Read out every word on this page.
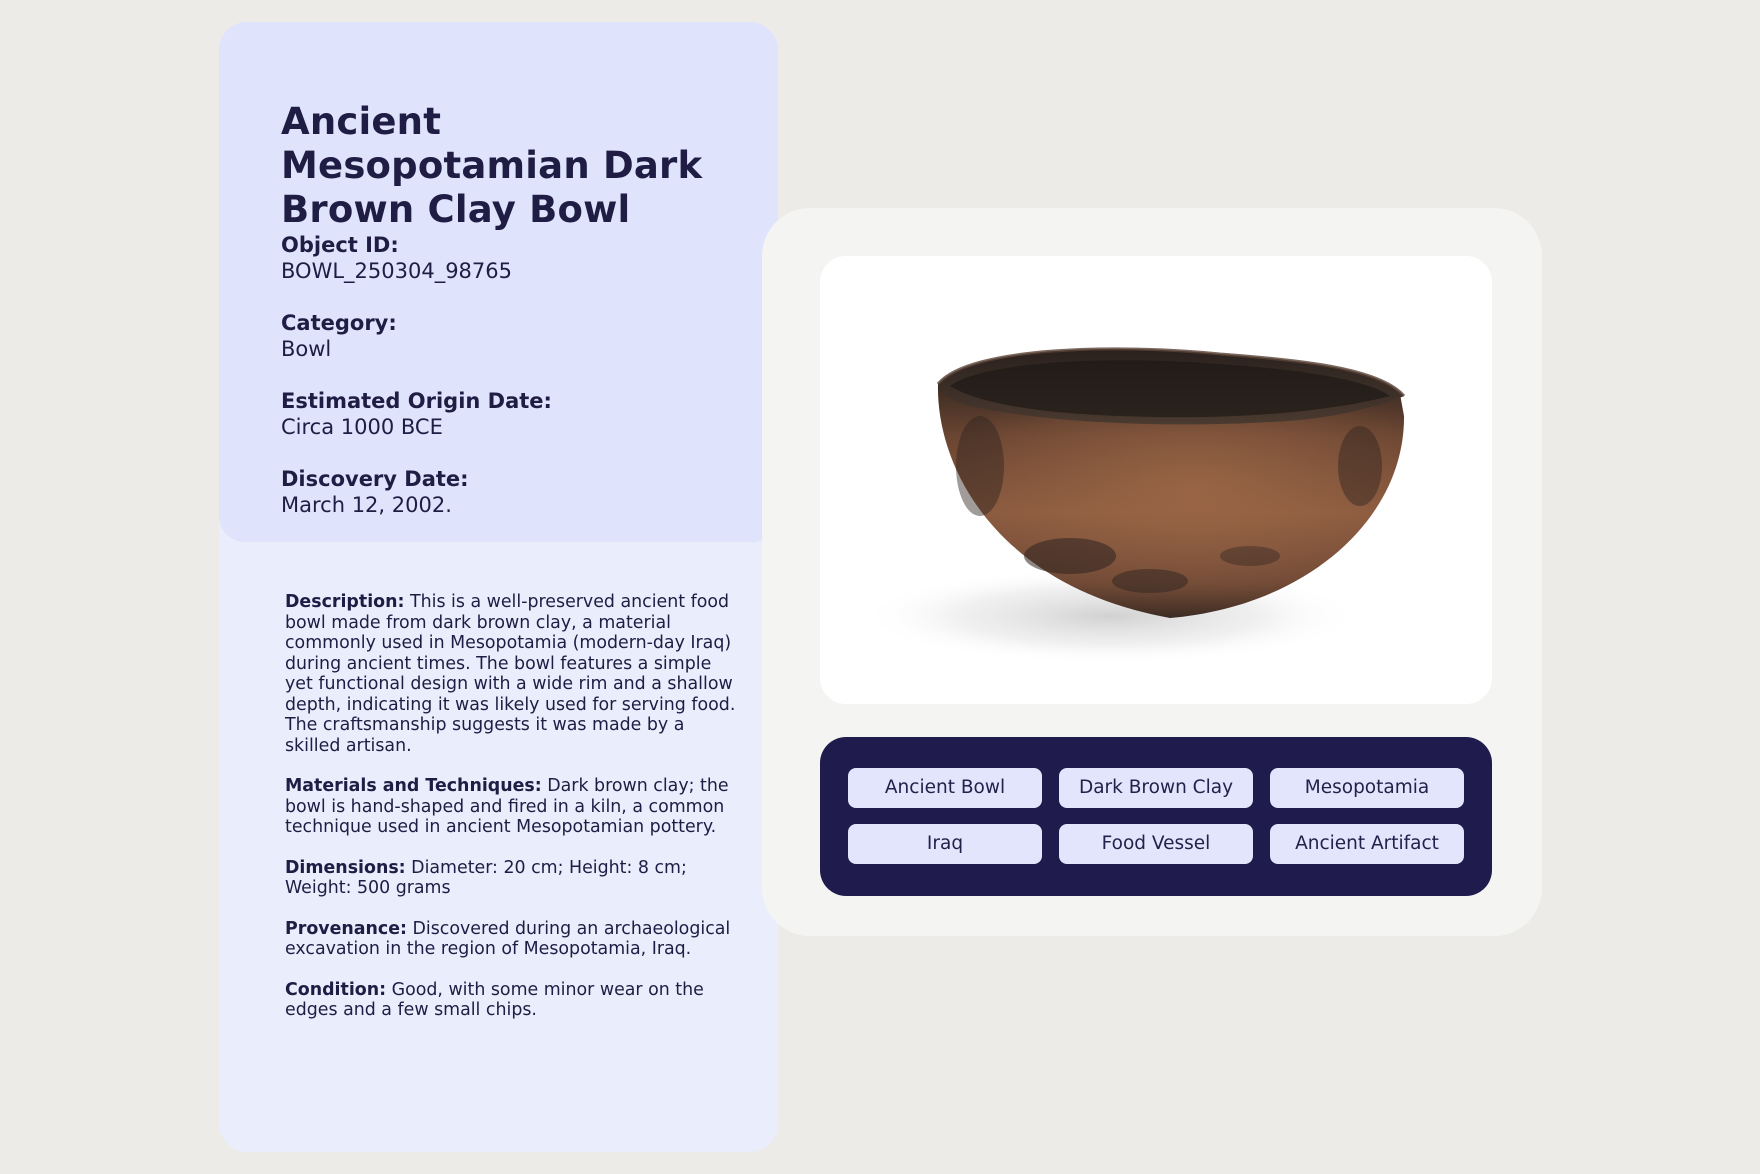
Ancient Mesopotamian Dark Brown Clay Bowl
Object ID:
BOWL_250304_98765
Category:
Bowl
Estimated Origin Date:
Circa 1000 BCE
Discovery Date:
March 12, 2002.

Description: This is a well-preserved ancient food bowl made from dark brown clay, a material commonly used in Mesopotamia (modern-day Iraq) during ancient times. The bowl features a simple yet functional design with a wide rim and a shallow depth, indicating it was likely used for serving food. The craftsmanship suggests it was made by a skilled artisan.

Materials and Techniques: Dark brown clay; the bowl is hand-shaped and fired in a kiln, a common technique used in ancient Mesopotamian pottery.

Dimensions: Diameter: 20 cm; Height: 8 cm; Weight: 500 grams

Provenance: Discovered during an archaeological excavation in the region of Mesopotamia, Iraq.

Condition: Good, with some minor wear on the edges and a few small chips.

Ancient Bowl	Dark Brown Clay	Mesopotamia
Iraq	Food Vessel	Ancient Artifact
